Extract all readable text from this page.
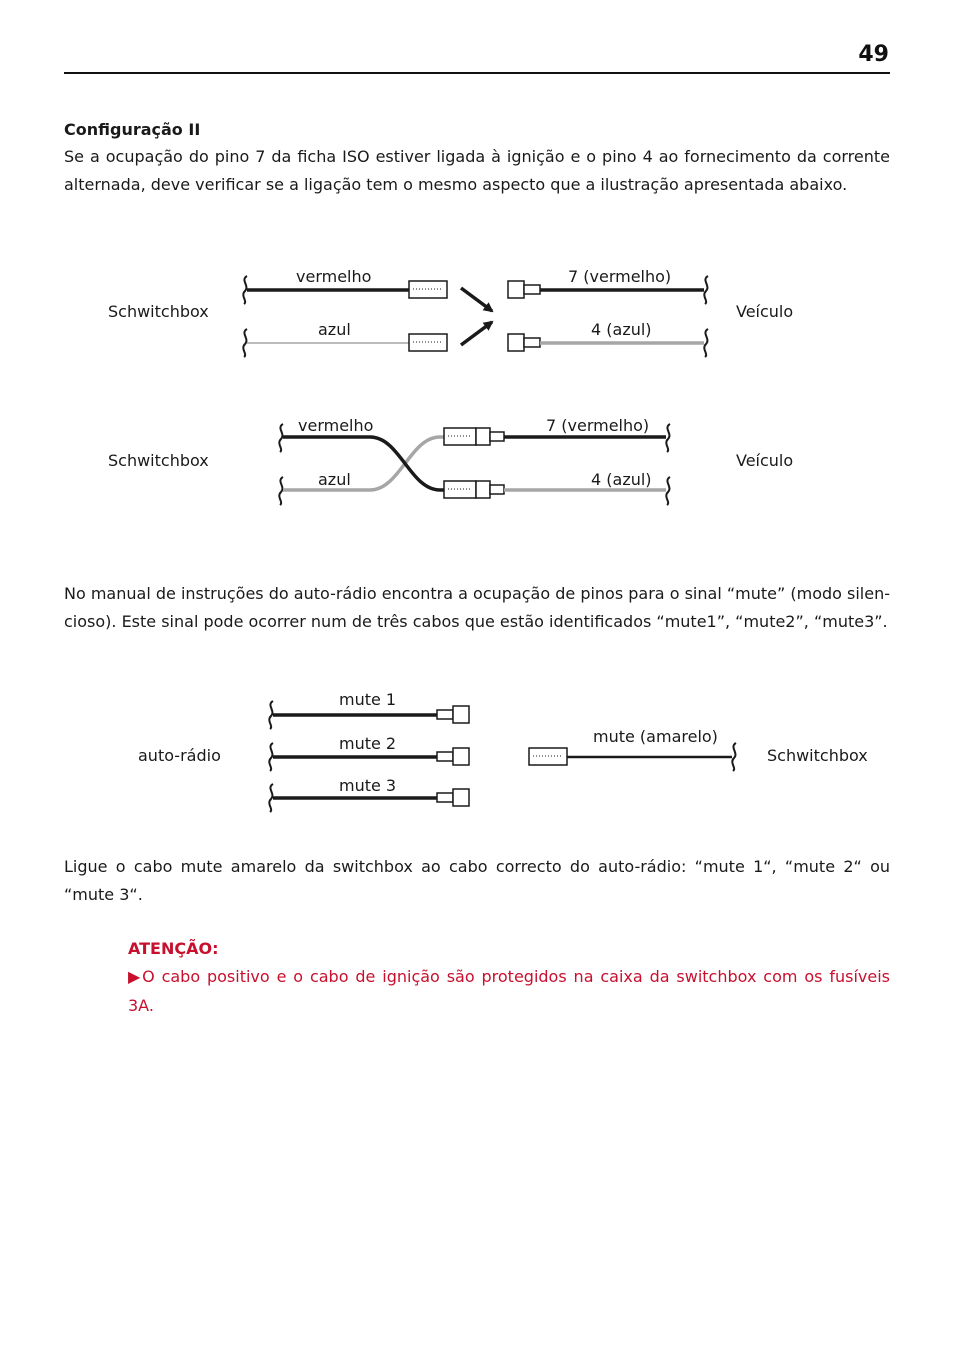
49
Configuração II
Se a ocupação do pino 7 da ficha ISO estiver ligada à ignição e o pino 4 ao fornecimento da corrente alternada, deve verificar se a ligação tem o mesmo aspecto que a ilustração apresentada abaixo.
Schwitchbox	Veículo
vermelho
azul
7 (vermelho)
4 (azul)
Schwitchbox	Veículo
vermelho
azul
7 (vermelho)
4 (azul)
auto-rádio	Schwitchbox
mute 1
mute 2
mute 3
mute (amarelo)
No manual de instruções do auto-rádio encontra a ocupação de pinos para o sinal “mute” (modo silen-cioso). Este sinal pode ocorrer num de três cabos que estão identificados “mute1”, “mute2”, “mute3”.
Ligue o cabo mute amarelo da switchbox ao cabo correcto do auto-rádio: “mute 1“, “mute 2“ ou “mute 3“.
ATENÇÃO:
▶O cabo positivo e o cabo de ignição são protegidos na caixa da switchbox com os fusíveis 3A.
